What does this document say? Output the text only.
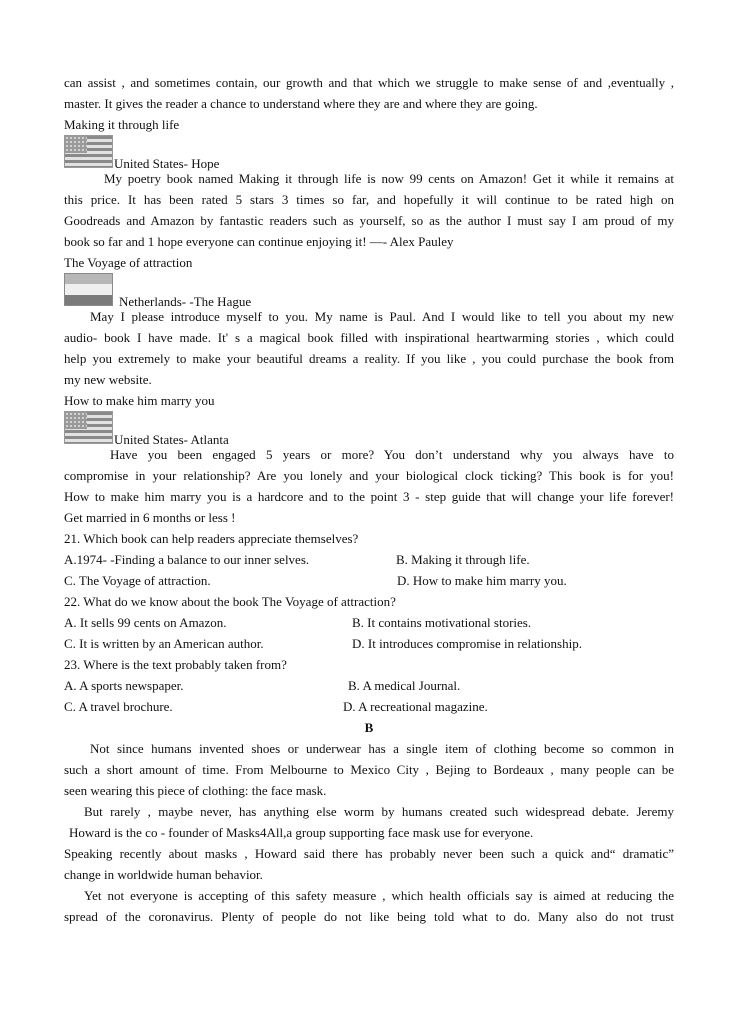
can assist , and sometimes contain, our growth and that which we struggle to make sense of and ,eventually ,
master. It gives the reader a chance to understand where they are and where they are going.
Making it through life
United States- Hope
My poetry book named Making it through life is now 99 cents on Amazon! Get it while it remains at
this price. It has been rated 5 stars 3 times so far, and hopefully it will continue to be rated high on
Goodreads and Amazon by fantastic readers such as yourself, so as the author I must say I am proud of my
book so far and 1 hope everyone can continue enjoying it! —- Alex Pauley
The Voyage of attraction
Netherlands- -The Hague
May I please introduce myself to you. My name is Paul. And I would like to tell you about my new
audio- book I have made. It' s a magical book filled with inspirational heartwarming stories , which could
help you extremely to make your beautiful dreams a reality. If you like , you could purchase the book from
my new website.
How to make him marry you
United States- Atlanta
Have you been engaged 5 years or more? You don’t understand why you always have to
compromise in your relationship? Are you lonely and your biological clock ticking? This book is for you!
How to make him marry you is a hardcore and to the point 3 - step guide that will change your life forever!
Get married in 6 months or less !
21. Which book can help readers appreciate themselves?
A.1974- -Finding a balance to our inner selves.	B. Making it through life.
C. The Voyage of attraction.	D. How to make him marry you.
22. What do we know about the book The Voyage of attraction?
A. It sells 99 cents on Amazon.	B. It contains motivational stories.
C. It is written by an American author.	D. It introduces compromise in relationship.
23. Where is the text probably taken from?
A. A sports newspaper.	B. A medical Journal.
C. A travel brochure.	D. A recreational magazine.
B
Not since humans invented shoes or underwear has a single item of clothing become so common in
such a short amount of time. From Melbourne to Mexico City , Bejing to Bordeaux , many people can be
seen wearing this piece of clothing: the face mask.
But rarely , maybe never, has anything else worm by humans created such widespread debate. Jeremy
Howard is the co - founder of Masks4All,a group supporting face mask use for everyone.
Speaking recently about masks , Howard said there has probably never been such a quick and“ dramatic”
change in worldwide human behavior.
Yet not everyone is accepting of this safety measure , which health officials say is aimed at reducing the
spread of the coronavirus. Plenty of people do not like being told what to do. Many also do not trust
